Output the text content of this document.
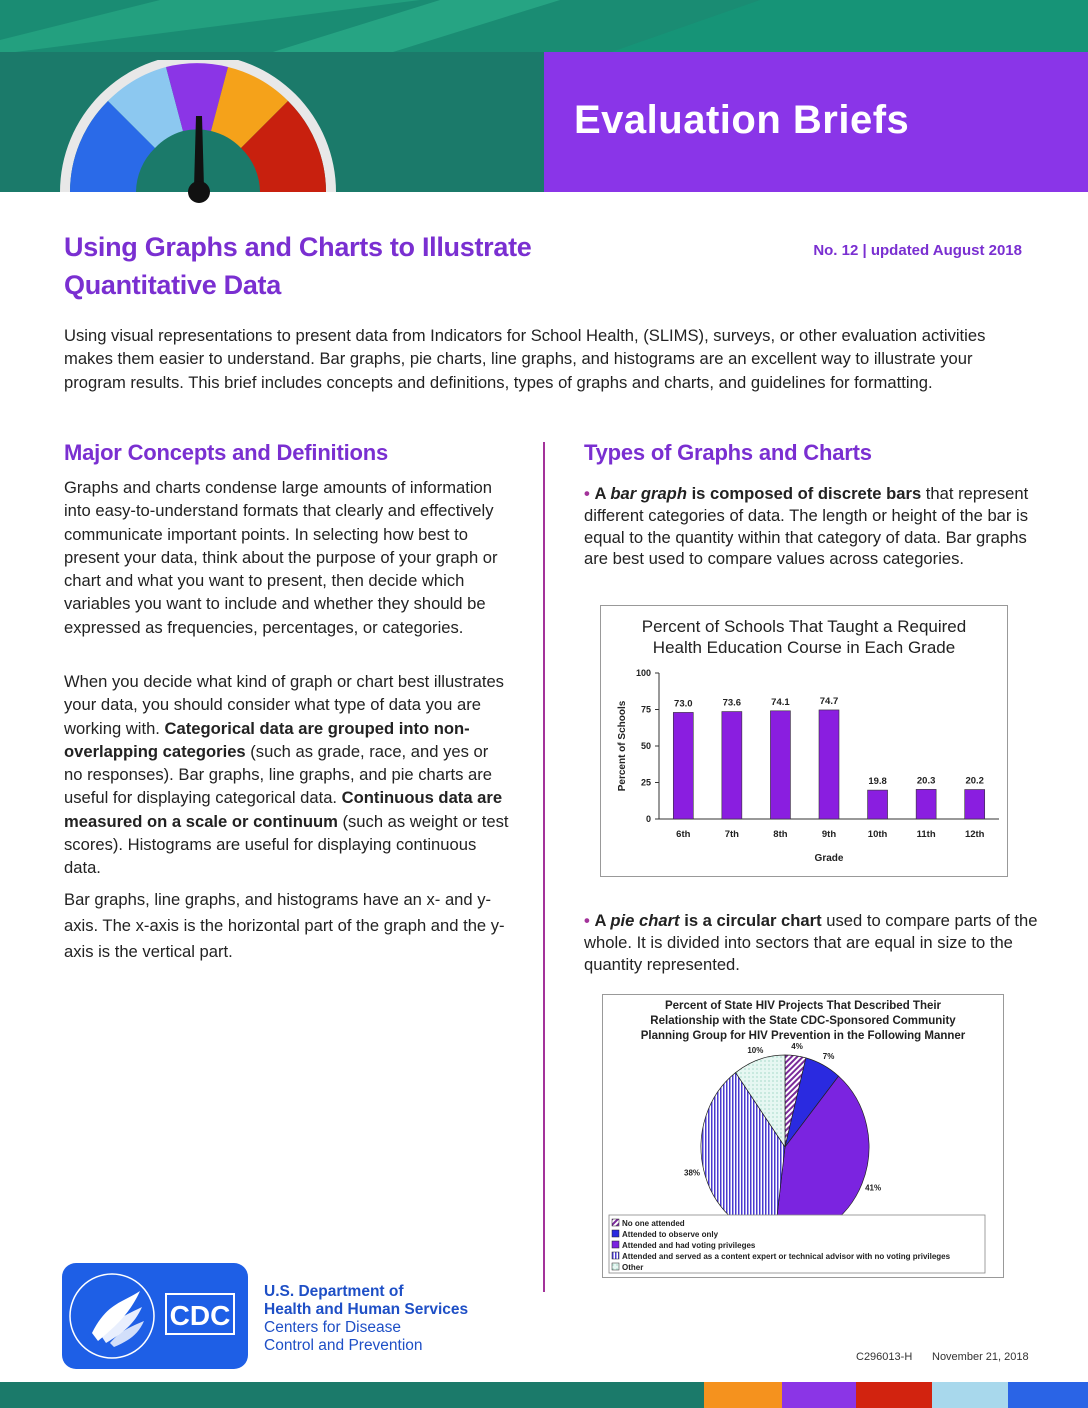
Evaluation Briefs
Using Graphs and Charts to Illustrate
Quantitative Data
No. 12 | updated August 2018

Using visual representations to present data from Indicators for School Health, (SLIMS), surveys, or other evaluation activities makes them easier to understand. Bar graphs, pie charts, line graphs, and histograms are an excellent way to illustrate your program results. This brief includes concepts and definitions, types of graphs and charts, and guidelines for formatting.

Major Concepts and Definitions

Graphs and charts condense large amounts of information into easy-to-understand formats that clearly and effectively communicate important points. In selecting how best to present your data, think about the purpose of your graph or chart and what you want to present, then decide which variables you want to include and whether they should be expressed as frequencies, percentages, or categories.

When you decide what kind of graph or chart best illustrates your data, you should consider what type of data you are working with. Categorical data are grouped into non-overlapping categories (such as grade, race, and yes or no responses). Bar graphs, line graphs, and pie charts are useful for displaying categorical data. Continuous data are measured on a scale or continuum (such as weight or test scores). Histograms are useful for displaying continuous data.

Bar graphs, line graphs, and histograms have an x- and y-axis. The x-axis is the horizontal part of the graph and the y-axis is the vertical part.

Types of Graphs and Charts
• A bar graph is composed of discrete bars that represent different categories of data. The length or height of the bar is equal to the quantity within that category of data. Bar graphs are best used to compare values across categories.
Percent of Schools That Taught a Required
Health Education Course in Each Grade
0
25
50
75
100
73.0
6th
73.6
7th
74.1
8th
74.7
9th
19.8
10th
20.3
11th
20.2
12th
Grade
Percent of Schools
• A pie chart is a circular chart used to compare parts of the whole. It is divided into sectors that are equal in size to the quantity represented.
Percent of State HIV Projects That Described Their
Relationship with the State CDC-Sponsored Community
Planning Group for HIV Prevention in the Following Manner
4%
7%
41%
38%
10%
No one attended
Attended to observe only
Attended and had voting privileges
Attended and served as a content expert or technical advisor with no voting privileges
Other
CDC
U.S. Department of
Health and Human Services
Centers for Disease
Control and Prevention
C296013-H November 21, 2018
